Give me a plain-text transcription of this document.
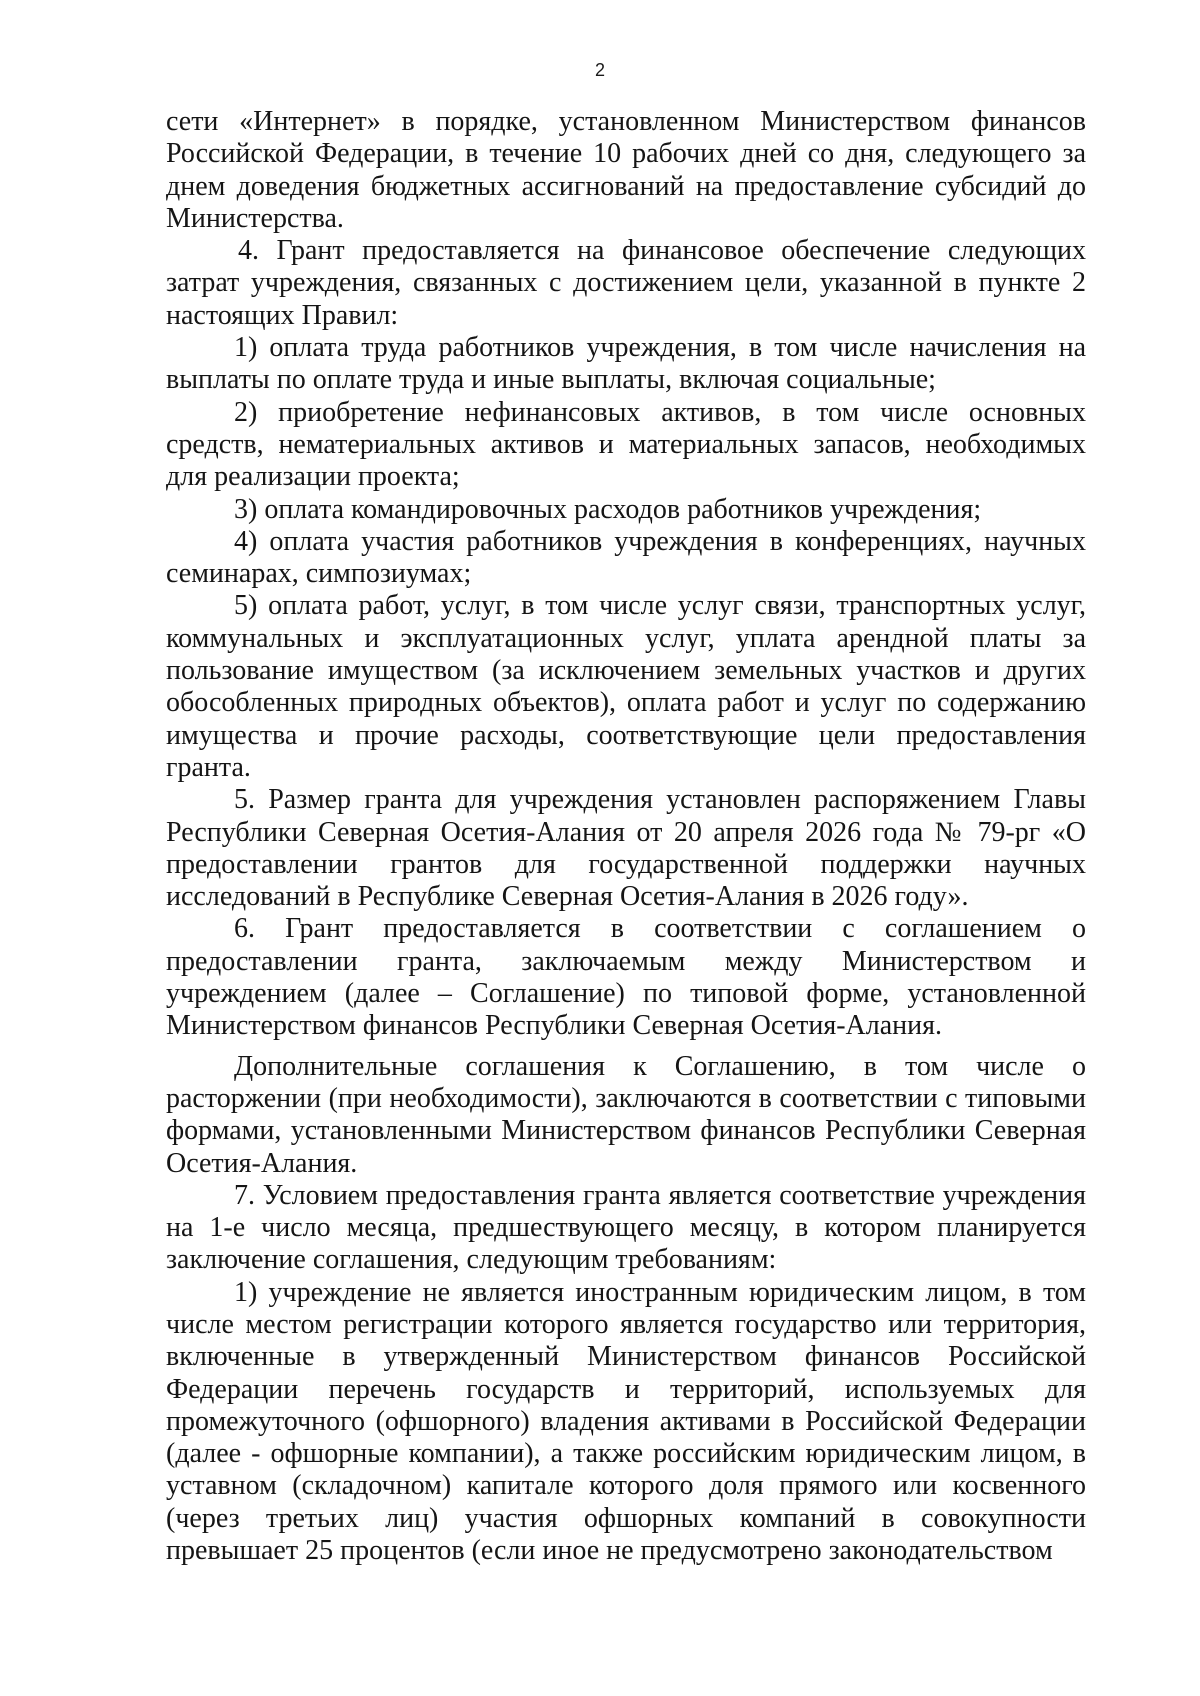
2

сети «Интернет» в порядке, установленном Министерством финансов Российской Федерации, в течение 10 рабочих дней со дня, следующего за днем доведения бюджетных ассигнований на предоставление субсидий до Министерства.

4. Грант предоставляется на финансовое обеспечение следующих затрат учреждения, связанных с достижением цели, указанной в пункте 2 настоящих Правил:

1) оплата труда работников учреждения, в том числе начисления на выплаты по оплате труда и иные выплаты, включая социальные;

2) приобретение нефинансовых активов, в том числе основных средств, нематериальных активов и материальных запасов, необходимых для реализации проекта;

3) оплата командировочных расходов работников учреждения;

4) оплата участия работников учреждения в конференциях, научных семинарах, симпозиумах;

5) оплата работ, услуг, в том числе услуг связи, транспортных услуг, коммунальных и эксплуатационных услуг, уплата арендной платы за пользование имуществом (за исключением земельных участков и других обособленных природных объектов), оплата работ и услуг по содержанию имущества и прочие расходы, соответствующие цели предоставления гранта.

5. Размер гранта для учреждения установлен распоряжением Главы Республики Северная Осетия-Алания от 20 апреля 2026 года № 79-рг «О предоставлении грантов для государственной поддержки научных исследований в Республике Северная Осетия-Алания в 2026 году».

6. Грант предоставляется в соответствии с соглашением о предоставлении гранта, заключаемым между Министерством и учреждением (далее – Соглашение) по типовой форме, установленной Министерством финансов Республики Северная Осетия-Алания.

Дополнительные соглашения к Соглашению, в том числе о расторжении (при необходимости), заключаются в соответствии с типовыми формами, установленными Министерством финансов Республики Северная Осетия-Алания.

7. Условием предоставления гранта является соответствие учреждения на 1-е число месяца, предшествующего месяцу, в котором планируется заключение соглашения, следующим требованиям:

1) учреждение не является иностранным юридическим лицом, в том числе местом регистрации которого является государство или территория, включенные в утвержденный Министерством финансов Российской Федерации перечень государств и территорий, используемых для промежуточного (офшорного) владения активами в Российской Федерации (далее - офшорные компании), а также российским юридическим лицом, в уставном (складочном) капитале которого доля прямого или косвенного (через третьих лиц) участия офшорных компаний в совокупности превышает 25 процентов (если иное не предусмотрено законодательством
